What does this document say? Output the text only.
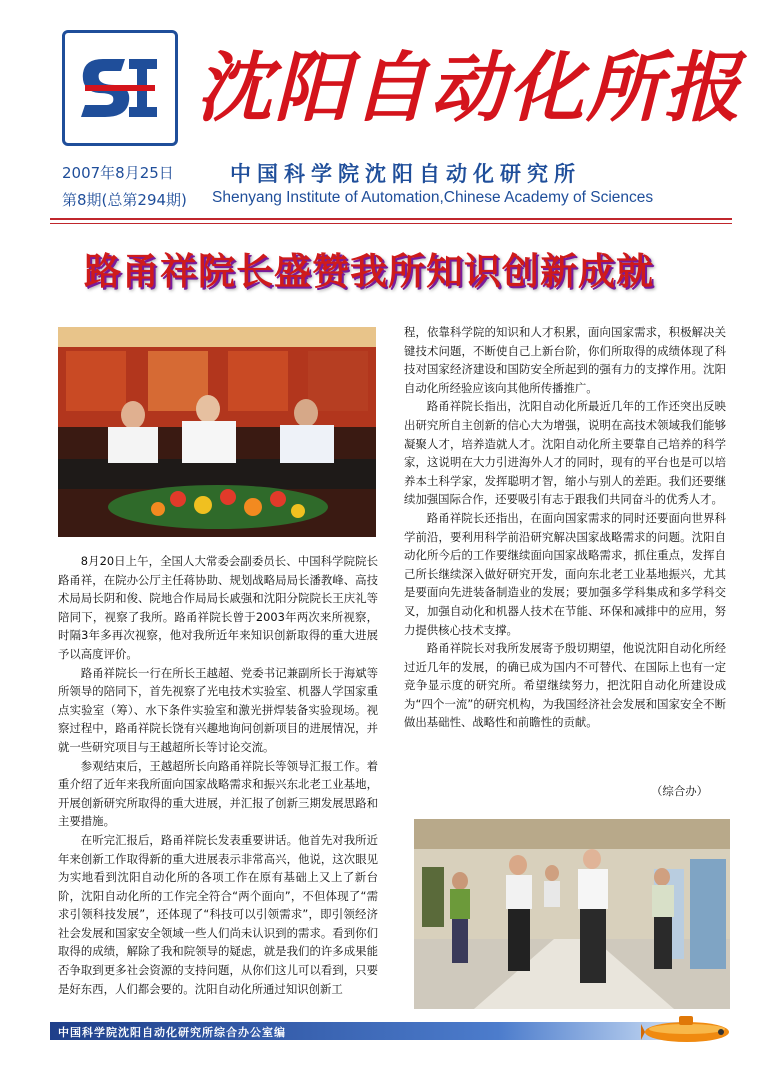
沈阳自动化所报
2007年8月25日
第8期(总第294期)
中国科学院沈阳自动化研究所
Shenyang Institute of Automation,Chinese Academy of Sciences
路甬祥院长盛赞我所知识创新成就

8月20日上午，全国人大常委会副委员长、中国科学院院长路甬祥，在院办公厅主任蒋协助、规划战略局局长潘教峰、高技术局局长阴和俊、院地合作局局长戚强和沈阳分院院长王庆礼等陪同下，视察了我所。路甬祥院长曾于2003年两次来所视察，时隔3年多再次视察，他对我所近年来知识创新取得的重大进展予以高度评价。

路甬祥院长一行在所长王越超、党委书记兼副所长于海斌等所领导的陪同下，首先视察了光电技术实验室、机器人学国家重点实验室（筹）、水下条件实验室和激光拼焊装备实验现场。视察过程中，路甬祥院长饶有兴趣地询问创新项目的进展情况，并就一些研究项目与王越超所长等讨论交流。

参观结束后，王越超所长向路甬祥院长等领导汇报工作。着重介绍了近年来我所面向国家战略需求和振兴东北老工业基地，开展创新研究所取得的重大进展，并汇报了创新三期发展思路和主要措施。

在听完汇报后，路甬祥院长发表重要讲话。他首先对我所近年来创新工作取得新的重大进展表示非常高兴，他说，这次眼见为实地看到沈阳自动化所的各项工作在原有基础上又上了新台阶，沈阳自动化所的工作完全符合“两个面向”，不但体现了“需求引领科技发展”，还体现了“科技可以引领需求”，即引领经济社会发展和国家安全领域一些人们尚未认识到的需求。看到你们取得的成绩，解除了我和院领导的疑虑，就是我们的许多成果能否争取到更多社会资源的支持问题，从你们这儿可以看到，只要是好东西，人们都会要的。沈阳自动化所通过知识创新工

程，依靠科学院的知识和人才积累，面向国家需求，积极解决关键技术问题，不断使自己上新台阶，你们所取得的成绩体现了科技对国家经济建设和国防安全所起到的强有力的支撑作用。沈阳自动化所经验应该向其他所传播推广。

路甬祥院长指出，沈阳自动化所最近几年的工作还突出反映出研究所自主创新的信心大为增强，说明在高技术领域我们能够凝聚人才，培养造就人才。沈阳自动化所主要靠自己培养的科学家，这说明在大力引进海外人才的同时，现有的平台也是可以培养本土科学家，发挥聪明才智，缩小与别人的差距。我们还要继续加强国际合作，还要吸引有志于跟我们共同奋斗的优秀人才。

路甬祥院长还指出，在面向国家需求的同时还要面向世界科学前沿，要利用科学前沿研究解决国家战略需求的问题。沈阳自动化所今后的工作要继续面向国家战略需求，抓住重点，发挥自己所长继续深入做好研究开发，面向东北老工业基地振兴，尤其是要面向先进装备制造业的发展；要加强多学科集成和多学科交叉，加强自动化和机器人技术在节能、环保和减排中的应用，努力提供核心技术支撑。

路甬祥院长对我所发展寄予殷切期望，他说沈阳自动化所经过近几年的发展，的确已成为国内不可替代、在国际上也有一定竞争显示度的研究所。希望继续努力，把沈阳自动化所建设成为“四个一流”的研究机构，为我国经济社会发展和国家安全不断做出基础性、战略性和前瞻性的贡献。

（综合办）
中国科学院沈阳自动化研究所综合办公室编
